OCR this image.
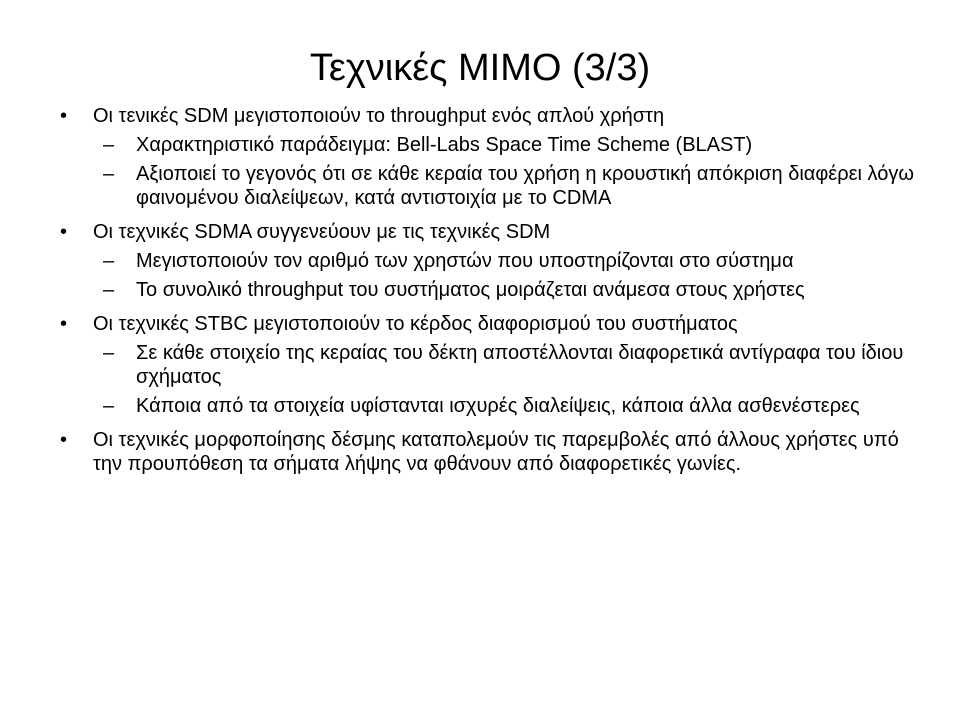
Τεχνικές MIMO (3/3)
•	Οι τενικές SDM μεγιστοποιούν το throughput ενός απλού χρήστη
–	Χαρακτηριστικό παράδειγμα: Bell-Labs Space Time Scheme (BLAST)
–	Αξιοποιεί το γεγονός ότι σε κάθε κεραία του χρήση η κρουστική απόκριση διαφέρει λόγω φαινομένου διαλείψεων, κατά αντιστοιχία με το CDMA
•	Οι τεχνικές SDMA συγγενεύουν με τις τεχνικές SDM
–	Μεγιστοποιούν τον αριθμό των χρηστών που υποστηρίζονται στο σύστημα
–	Το συνολικό throughput του συστήματος μοιράζεται ανάμεσα στους χρήστες
•	Οι τεχνικές STBC μεγιστοποιούν το κέρδος διαφορισμού του συστήματος
–	Σε κάθε στοιχείο της κεραίας του δέκτη αποστέλλονται διαφορετικά αντίγραφα του ίδιου σχήματος
–	Κάποια από τα στοιχεία υφίστανται ισχυρές διαλείψεις, κάποια άλλα ασθενέστερες
•	Οι τεχνικές μορφοποίησης δέσμης καταπολεμούν τις παρεμβολές από άλλους χρήστες υπό την προυπόθεση τα σήματα λήψης να φθάνουν από διαφορετικές γωνίες.
